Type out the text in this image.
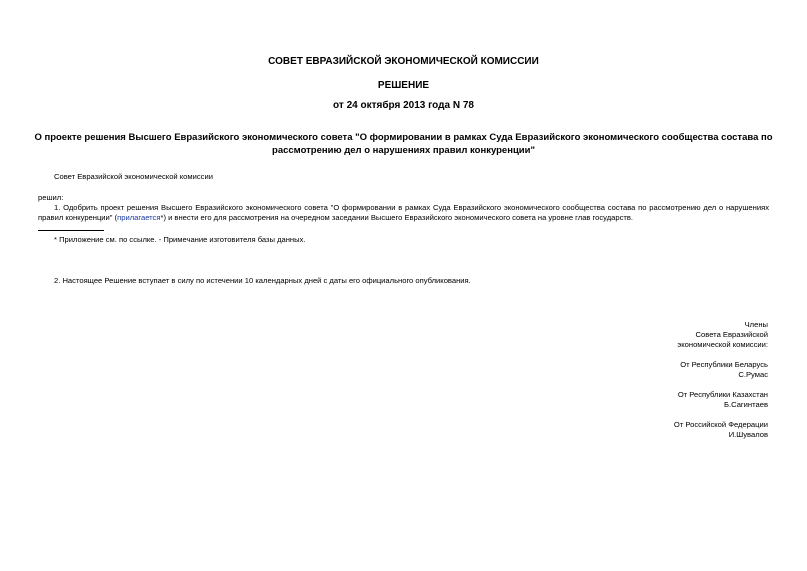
СОВЕТ ЕВРАЗИЙСКОЙ ЭКОНОМИЧЕСКОЙ КОМИССИИ
РЕШЕНИЕ
от 24 октября 2013 года N 78
О проекте решения Высшего Евразийского экономического совета "О формировании в рамках Суда Евразийского экономического сообщества состава по рассмотрению дел о нарушениях правил конкуренции"
Совет Евразийской экономической комиссии
решил:
1. Одобрить проект решения Высшего Евразийского экономического совета "О формировании в рамках Суда Евразийского экономического сообщества состава по рассмотрению дел о нарушениях правил конкуренции" (прилагается*) и внести его для рассмотрения на очередном заседании Высшего Евразийского экономического совета на уровне глав государств.
* Приложение см. по ссылке. - Примечание изготовителя базы данных.
2. Настоящее Решение вступает в силу по истечении 10 календарных дней с даты его официального опубликования.
Члены
Совета Евразийской
экономической комиссии:
От Республики Беларусь
С.Румас
От Республики Казахстан
Б.Сагинтаев
От Российской Федерации
И.Шувалов
